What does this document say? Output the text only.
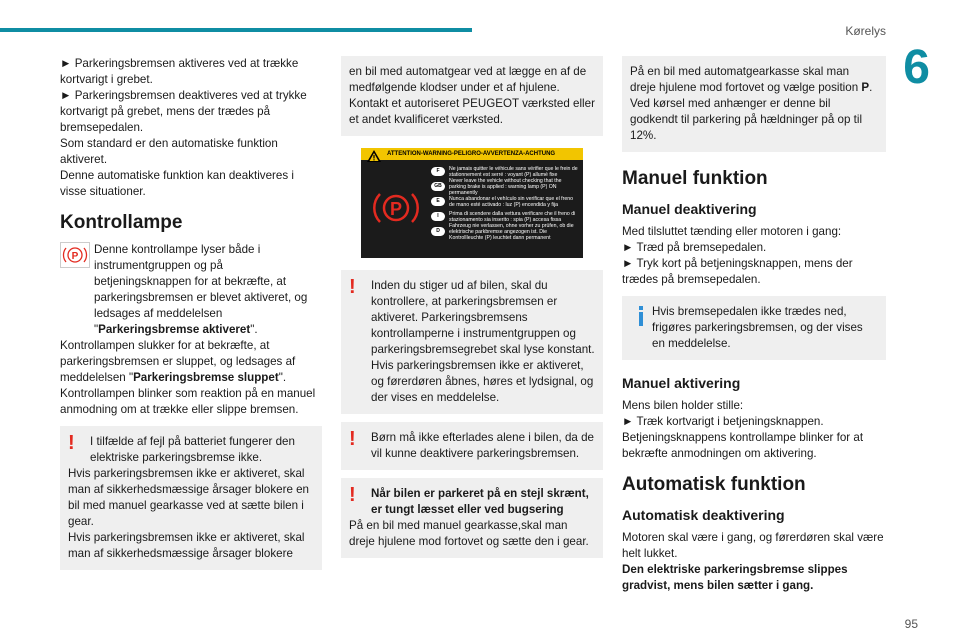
Kørelys
6
95

► Parkeringsbremsen aktiveres ved at trække kortvarigt i grebet.

► Parkeringsbremsen deaktiveres ved at trykke kortvarigt på grebet, mens der trædes på bremsepedalen.

Som standard er den automatiske funktion aktiveret.

Denne automatiske funktion kan deaktiveres i visse situationer.

Kontrollampe
P
Denne kontrollampe lyser både i instrumentgruppen og på betjeningsknappen for at bekræfte, at parkeringsbremsen er blevet aktiveret, og ledsages af meddelelsen "Parkeringsbremse aktiveret".

Kontrollampen slukker for at bekræfte, at parkeringsbremsen er sluppet, og ledsages af meddelelsen "Parkeringsbremse sluppet".

Kontrollampen blinker som reaktion på en manuel anmodning om at trække eller slippe bremsen.

!	I tilfælde af fejl på batteriet fungerer den elektriske parkeringsbremse ikke.

Hvis parkeringsbremsen ikke er aktiveret, skal man af sikkerhedsmæssige årsager blokere en bil med manuel gearkasse ved at sætte bilen i gear.

Hvis parkeringsbremsen ikke er aktiveret, skal man af sikkerhedsmæssige årsager blokere

en bil med automatgear ved at lægge en af de medfølgende klodser under et af hjulene. Kontakt et autoriseret PEUGEOT værksted eller et andet kvalificeret værksted.

ATTENTION-WARNING-PELIGRO-AVVERTENZA-ACHTUNG
P
F	Ne jamais quitter le véhicule sans vérifier que le frein de stationnement est serré : voyant (P) allumé fixe
GB
Never leave the vehicle without checking that the parking brake is applied : warning lamp (P) ON permanently
E	Nunca abandonar el vehículo sin verificar que el freno de mano esté activado : luz (P) encendida y fija
I	Prima di scendere dalla vettura verificare che il freno di stazionamento sia inserito : spia (P) accesa fissa
D
Fahrzeug nie verlassen, ohne vorher zu prüfen, ob die elektrische parkbremse angezogen ist. Die Kontrollleuchte (P) leuchtet dann permanent
!	Inden du stiger ud af bilen, skal du kontrollere, at parkeringsbremsen er aktiveret. Parkeringsbremsens kontrollamperne i instrumentgruppen og parkeringsbremsegrebet skal lyse konstant. Hvis parkeringsbremsen ikke er aktiveret, og førerdøren åbnes, høres et lydsignal, og der vises en meddelelse.
!	Børn må ikke efterlades alene i bilen, da de vil kunne deaktivere parkeringsbremsen.
!	Når bilen er parkeret på en stejl skrænt, er tungt læsset eller ved bugsering

På en bil med manuel gearkasse,skal man dreje hjulene mod fortovet og sætte den i gear.

På en bil med automatgearkasse skal man dreje hjulene mod fortovet og vælge position P.

Ved kørsel med anhænger er denne bil godkendt til parkering på hældninger på op til 12%.

Manuel funktion
Manuel deaktivering

Med tilsluttet tænding eller motoren i gang:

► Træd på bremsepedalen.

► Tryk kort på betjeningsknappen, mens der trædes på bremsepedalen.

Hvis bremsepedalen ikke trædes ned, frigøres parkeringsbremsen, og der vises en meddelelse.
Manuel aktivering

Mens bilen holder stille:

► Træk kortvarigt i betjeningsknappen.

Betjeningsknappens kontrollampe blinker for at bekræfte anmodningen om aktivering.

Automatisk funktion
Automatisk deaktivering

Motoren skal være i gang, og førerdøren skal være helt lukket.

Den elektriske parkeringsbremse slippes gradvist, mens bilen sætter i gang.
